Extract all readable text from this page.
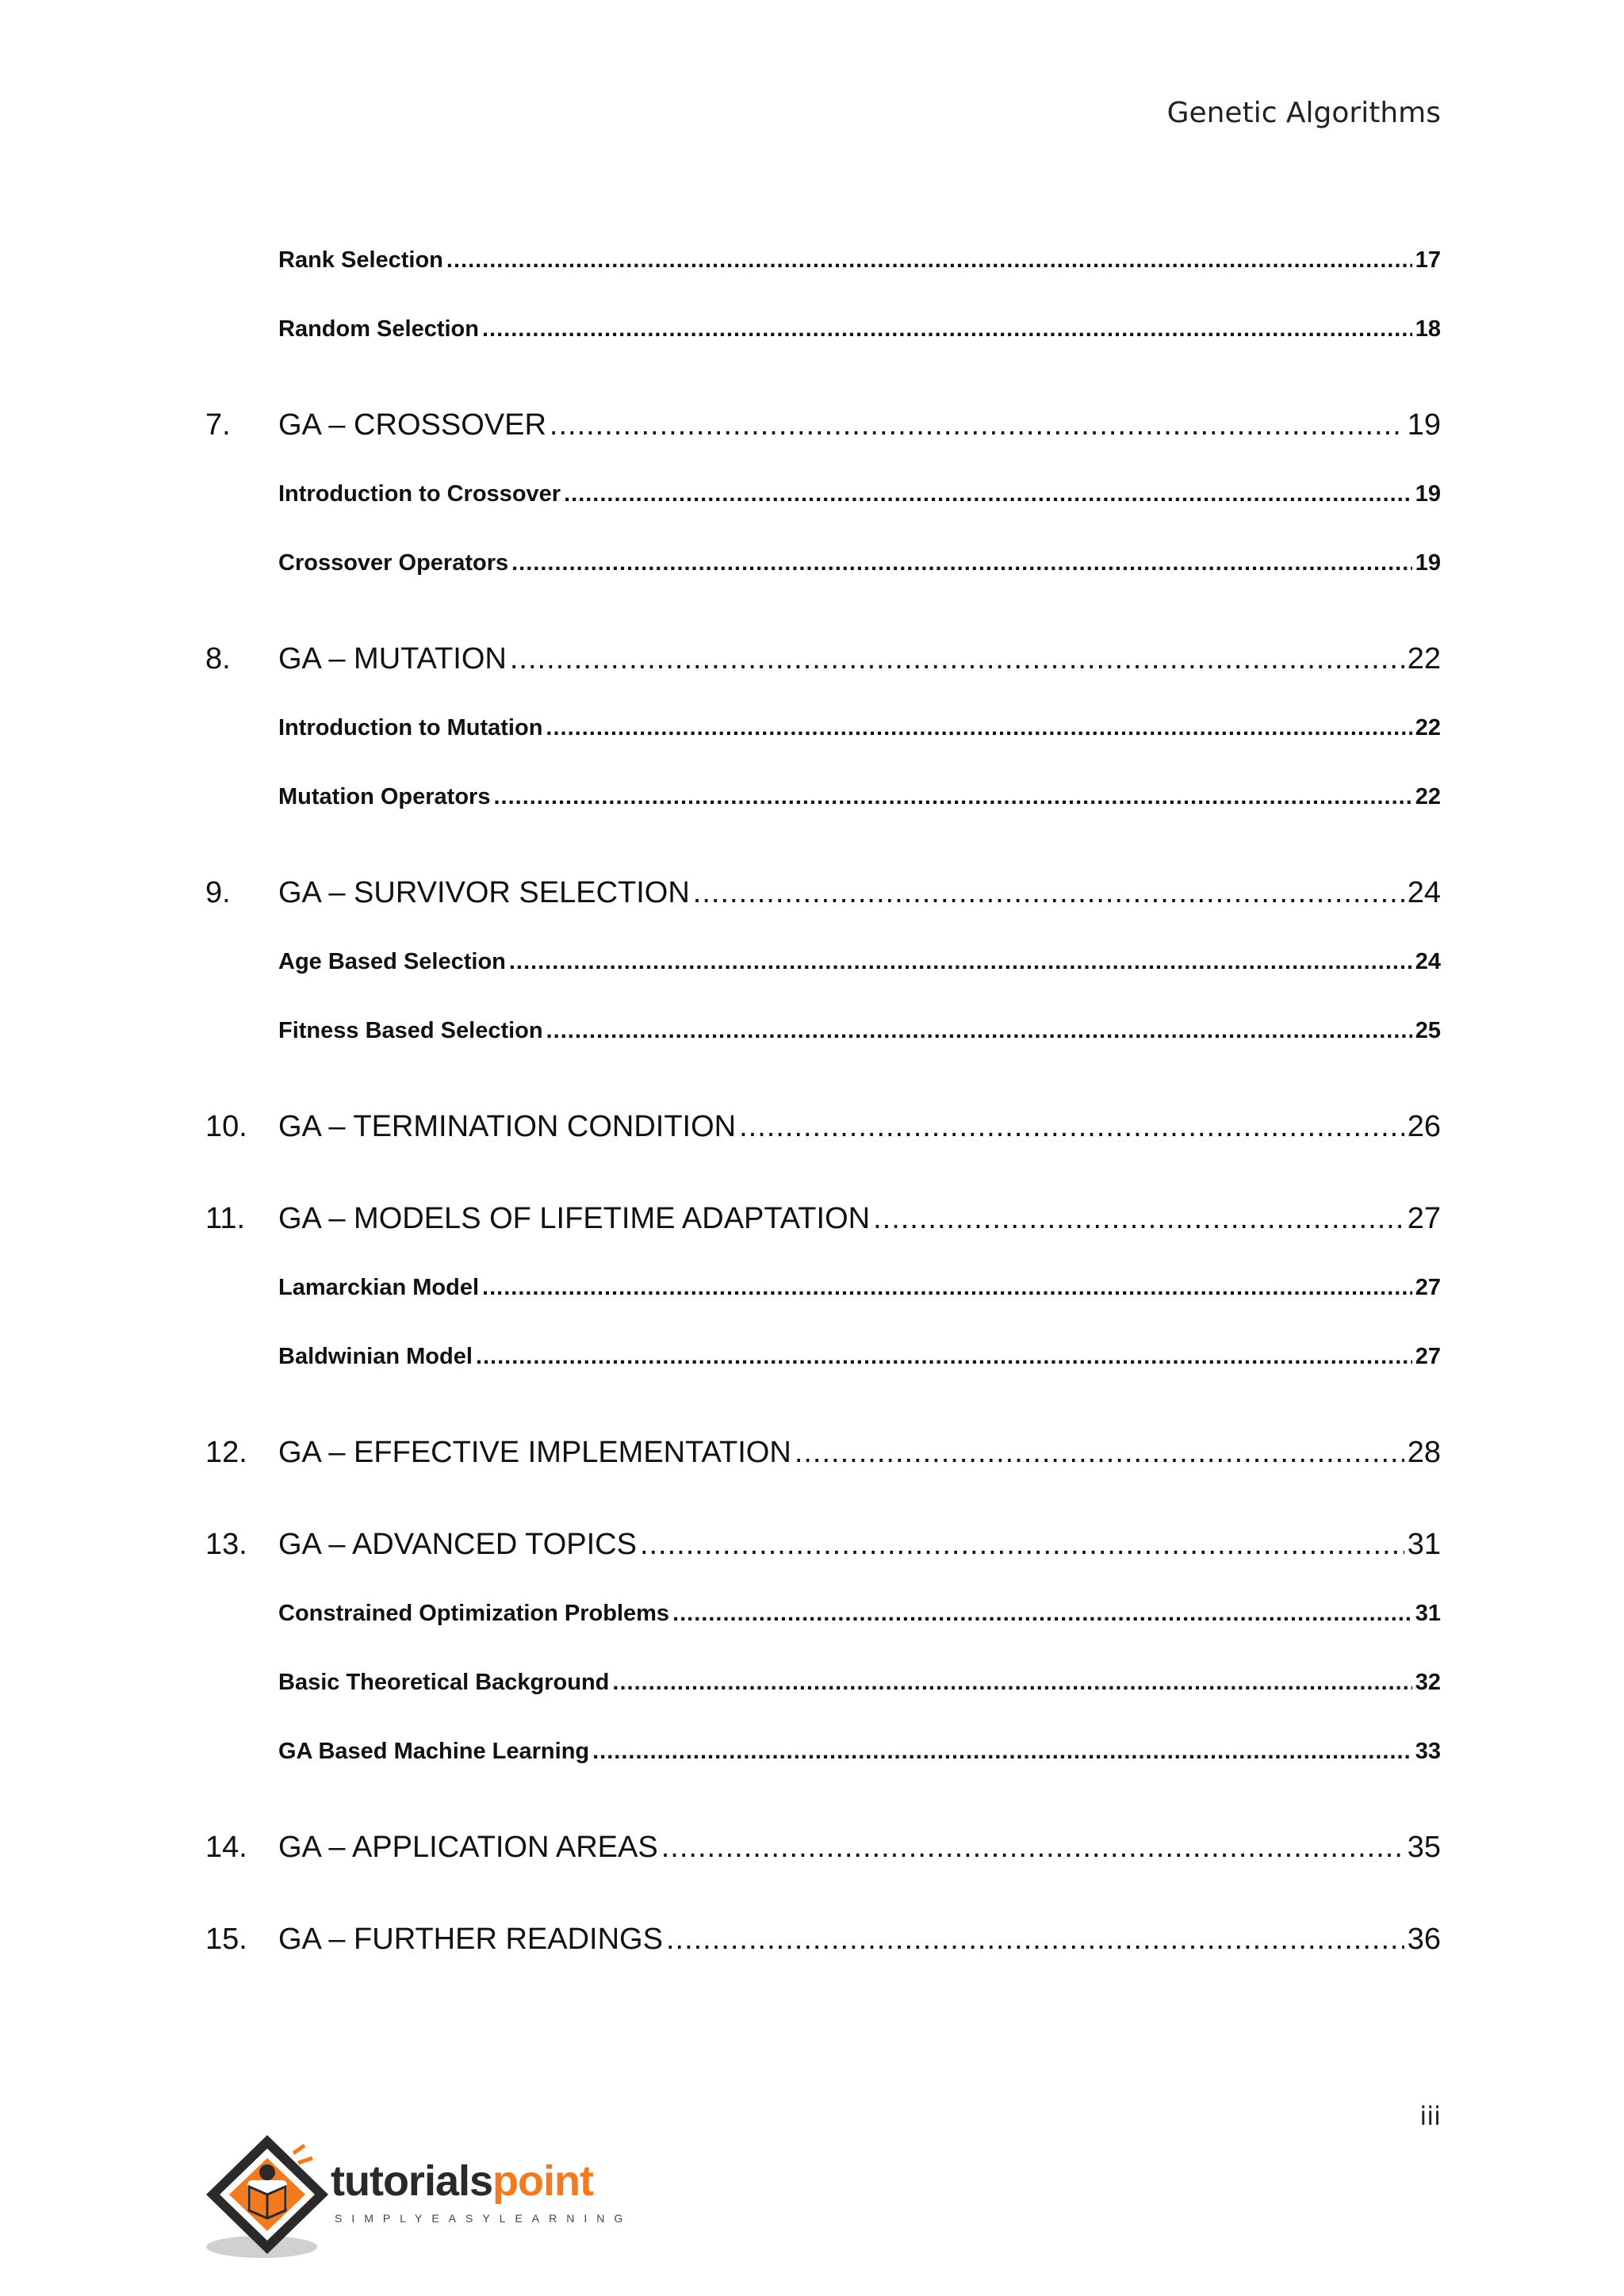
Genetic Algorithms
Rank Selection .....	17
Random Selection .....	18
7. GA – CROSSOVER .....	19
Introduction to Crossover .....	19
Crossover Operators .....	19
8. GA – MUTATION .....	22
Introduction to Mutation .....	22
Mutation Operators .....	22
9. GA – SURVIVOR SELECTION .....	24
Age Based Selection .....	24
Fitness Based Selection .....	25
10. GA – TERMINATION CONDITION .....	26
11. GA – MODELS OF LIFETIME ADAPTATION .....	27
Lamarckian Model .....	27
Baldwinian Model .....	27
12. GA – EFFECTIVE IMPLEMENTATION .....	28
13. GA – ADVANCED TOPICS .....	31
Constrained Optimization Problems .....	31
Basic Theoretical Background .....	32
GA Based Machine Learning .....	33
14. GA – APPLICATION AREAS .....	35
15. GA – FURTHER READINGS .....	36
iii
tutorialspoint
SIMPLYEASYLEARNING
